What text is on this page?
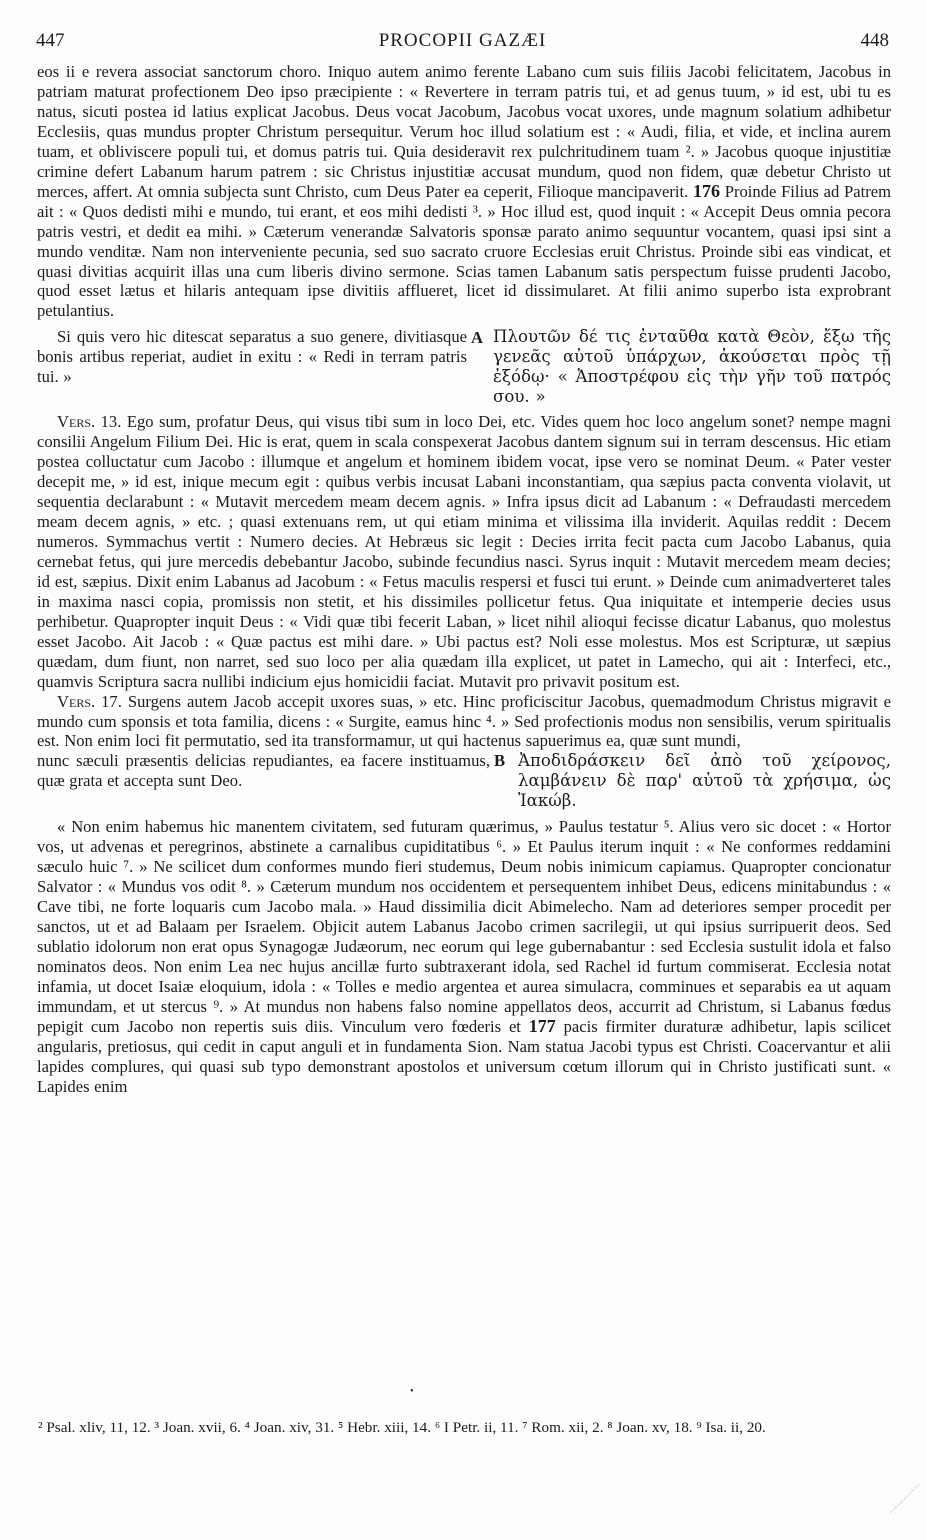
447	PROCOPII GAZÆI	448

eos ii e revera associat sanctorum choro. Iniquo autem animo ferente Labano cum suis filiis Jacobi felicitatem, Jacobus in patriam maturat profectionem Deo ipso præcipiente : « Revertere in terram patris tui, et ad genus tuum, » id est, ubi tu es natus, sicuti postea id latius explicat Jacobus. Deus vocat Jacobum, Jacobus vocat uxores, unde magnum solatium adhibetur Ecclesiis, quas mundus propter Christum persequitur. Verum hoc illud solatium est : « Audi, filia, et vide, et inclina aurem tuam, et obliviscere populi tui, et domus patris tui. Quia desideravit rex pulchritudinem tuam ². » Jacobus quoque injustitiæ crimine defert Labanum harum patrem : sic Christus injustitiæ accusat mundum, quod non fidem, quæ debetur Christo ut merces, affert. At omnia subjecta sunt Christo, cum Deus Pater ea ceperit, Filioque mancipaverit. 176 Proinde Filius ad Patrem ait : « Quos dedisti mihi e mundo, tui erant, et eos mihi dedisti ³. » Hoc illud est, quod inquit : « Accepit Deus omnia pecora patris vestri, et dedit ea mihi. » Cæterum venerandæ Salvatoris sponsæ parato animo sequuntur vocantem, quasi ipsi sint a mundo venditæ. Nam non interveniente pecunia, sed suo sacrato cruore Ecclesias eruit Christus. Proinde sibi eas vindicat, et quasi divitias acquirit illas una cum liberis divino sermone. Scias tamen Labanum satis perspectum fuisse prudenti Jacobo, quod esset lætus et hilaris antequam ipse divitiis afflueret, licet id dissimularet. At filii animo superbo ista exprobrant petulantius.

Si quis vero hic ditescat separatus a suo genere, divitiasque bonis artibus reperiat, audiet in exitu : « Redi in terram patris tui. »

A Πλουτῶν δέ τις ἐνταῦθα κατὰ Θεὸν, ἔξω τῆς γενεᾶς αὐτοῦ ὑπάρχων, ἀκούσεται πρὸς τῇ ἐξόδῳ· « Ἀποστρέφου εἰς τὴν γῆν τοῦ πατρός σου. »

Vers. 13. Ego sum, profatur Deus, qui visus tibi sum in loco Dei, etc. Vides quem hoc loco angelum sonet? nempe magni consilii Angelum Filium Dei. Hic is erat, quem in scala conspexerat Jacobus dantem signum sui in terram descensus. Hic etiam postea colluctatur cum Jacobo : illumque et angelum et hominem ibidem vocat, ipse vero se nominat Deum. « Pater vester decepit me, » id est, inique mecum egit : quibus verbis incusat Labani inconstantiam, qua sæpius pacta conventa violavit, ut sequentia declarabunt : « Mutavit mercedem meam decem agnis. » Infra ipsus dicit ad Labanum : « Defraudasti mercedem meam decem agnis, » etc. ; quasi extenuans rem, ut qui etiam minima et vilissima illa inviderit. Aquilas reddit : Decem numeros. Symmachus vertit : Numero decies. At Hebræus sic legit : Decies irrita fecit pacta cum Jacobo Labanus, quia cernebat fetus, qui jure mercedis debebantur Jacobo, subinde fecundius nasci. Syrus inquit : Mutavit mercedem meam decies; id est, sæpius. Dixit enim Labanus ad Jacobum : « Fetus maculis respersi et fusci tui erunt. » Deinde cum animadverteret tales in maxima nasci copia, promissis non stetit, et his dissimiles pollicetur fetus. Qua iniquitate et intemperie decies usus perhibetur. Quapropter inquit Deus : « Vidi quæ tibi fecerit Laban, » licet nihil alioqui fecisse dicatur Labanus, quo molestus esset Jacobo. Ait Jacob : « Quæ pactus est mihi dare. » Ubi pactus est? Noli esse molestus. Mos est Scripturæ, ut sæpius quædam, dum fiunt, non narret, sed suo loco per alia quædam illa explicet, ut patet in Lamecho, qui ait : Interfeci, etc., quamvis Scriptura sacra nullibi indicium ejus homicidii faciat. Mutavit pro privavit positum est.

Vers. 17. Surgens autem Jacob accepit uxores suas, » etc. Hinc proficiscitur Jacobus, quemadmodum Christus migravit e mundo cum sponsis et tota familia, dicens : « Surgite, eamus hinc ⁴. » Sed profectionis modus non sensibilis, verum spiritualis est. Non enim loci fit permutatio, sed ita transformamur, ut qui hactenus sapuerimus ea, quæ sunt mundi,

nunc sæculi præsentis delicias repudiantes, ea facere instituamus, quæ grata et accepta sunt Deo.

B Ἀποδιδράσκειν δεῖ ἀπὸ τοῦ χείρονος, λαμβάνειν δὲ παρ' αὐτοῦ τὰ χρήσιμα, ὡς Ἰακώβ.

« Non enim habemus hic manentem civitatem, sed futuram quærimus, » Paulus testatur ⁵. Alius vero sic docet : « Hortor vos, ut advenas et peregrinos, abstinete a carnalibus cupiditatibus ⁶. » Et Paulus iterum inquit : « Ne conformes reddamini sæculo huic ⁷. » Ne scilicet dum conformes mundo fieri studemus, Deum nobis inimicum capiamus. Quapropter concionatur Salvator : « Mundus vos odit ⁸. » Cæterum mundum nos occidentem et persequentem inhibet Deus, edicens minitabundus : « Cave tibi, ne forte loquaris cum Jacobo mala. » Haud dissimilia dicit Abimelecho. Nam ad deteriores semper procedit per sanctos, ut et ad Balaam per Israelem. Objicit autem Labanus Jacobo crimen sacrilegii, ut qui ipsius surripuerit deos. Sed sublatio idolorum non erat opus Synagogæ Judæorum, nec eorum qui lege gubernabantur : sed Ecclesia sustulit idola et falso nominatos deos. Non enim Lea nec hujus ancillæ furto subtraxerant idola, sed Rachel id furtum commiserat. Ecclesia notat infamia, ut docet Isaiæ eloquium, idola : « Tolles e medio argentea et aurea simulacra, comminues et separabis ea ut aquam immundam, et ut stercus ⁹. » At mundus non habens falso nomine appellatos deos, accurrit ad Christum, si Labanus fœdus pepigit cum Jacobo non repertis suis diis. Vinculum vero fœderis et 177 pacis firmiter duraturæ adhibetur, lapis scilicet angularis, pretiosus, qui cedit in caput anguli et in fundamenta Sion. Nam statua Jacobi typus est Christi. Coacervantur et alii lapides complures, qui quasi sub typo demonstrant apostolos et universum cœtum illorum qui in Christo justificati sunt. « Lapides enim

•

² Psal. xliv, 11, 12. ³ Joan. xvii, 6. ⁴ Joan. xiv, 31. ⁵ Hebr. xiii, 14. ⁶ I Petr. ii, 11. ⁷ Rom. xii, 2. ⁸ Joan. xv, 18. ⁹ Isa. ii, 20.
